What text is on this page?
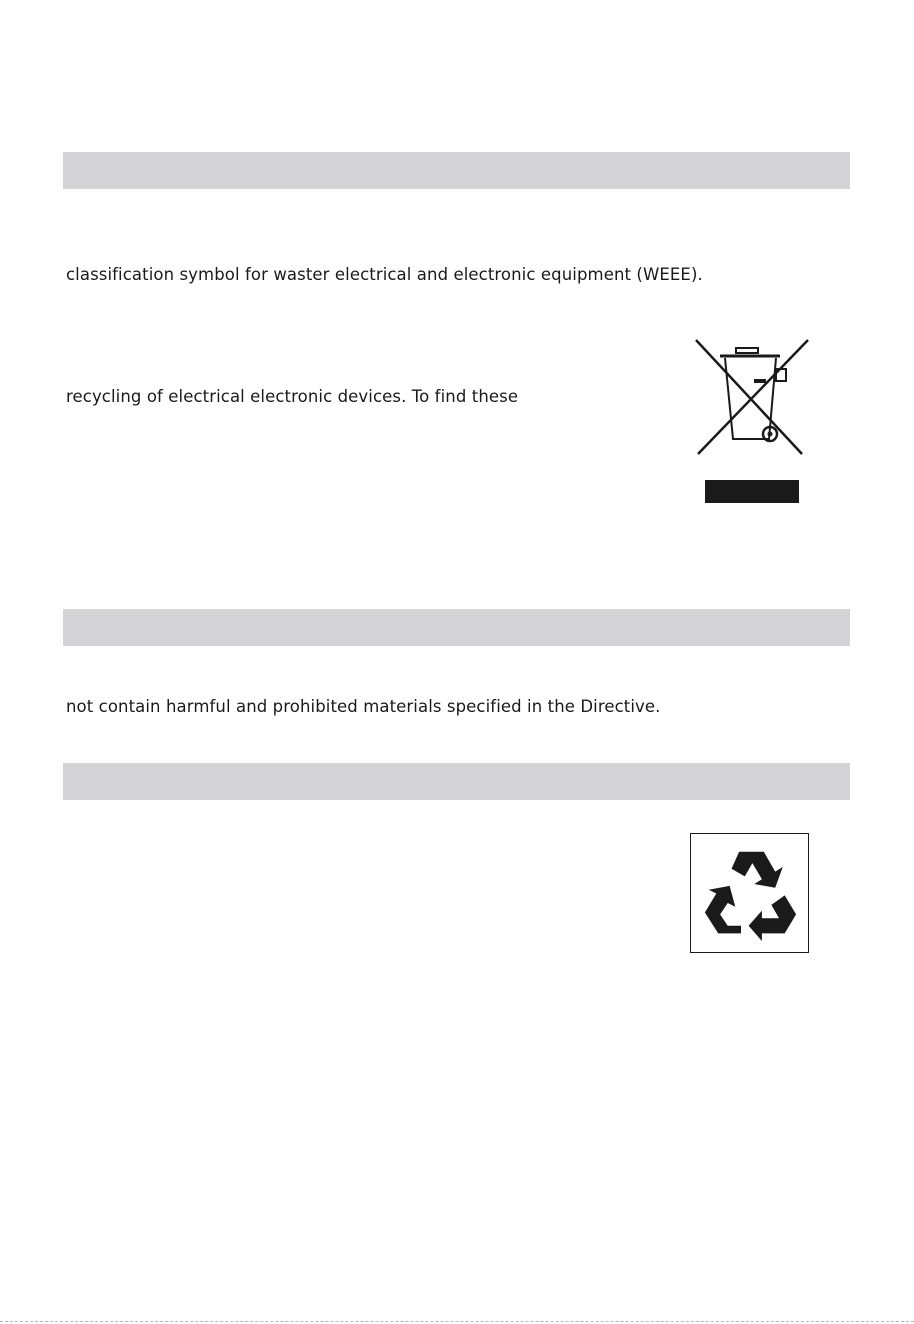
classification symbol for waster electrical and electronic equipment (WEEE).
recycling of electrical electronic devices. To find these
not contain harmful and prohibited materials specified in the Directive.
